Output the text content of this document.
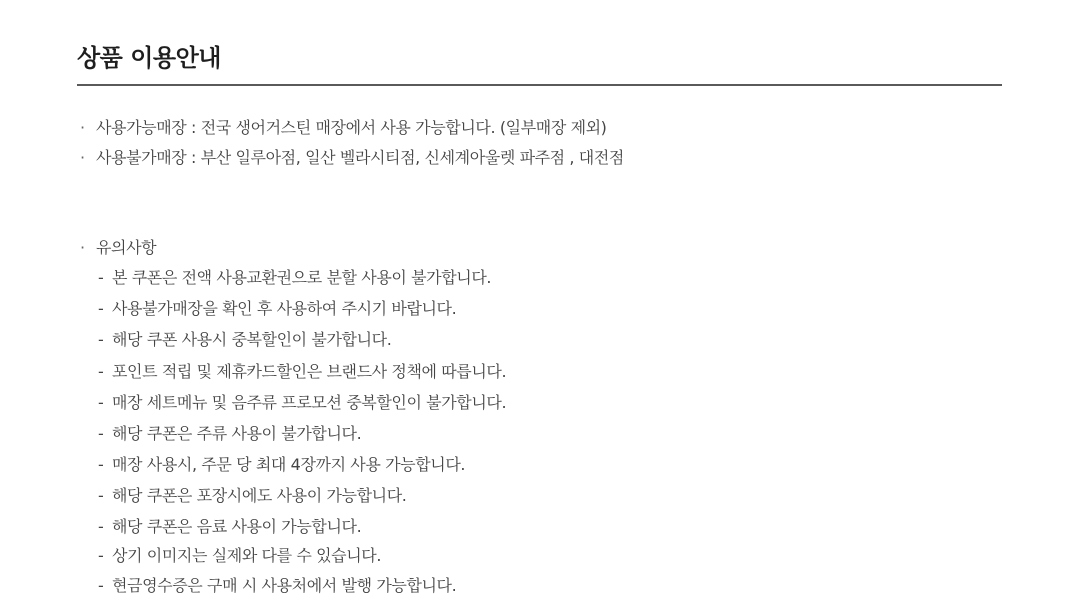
상품 이용안내
· 사용가능매장 : 전국 생어거스틴 매장에서 사용 가능합니다. (일부매장 제외)
· 사용불가매장 : 부산 일루아점, 일산 벨라시티점, 신세계아울렛 파주점 , 대전점
· 유의사항
- 본 쿠폰은 전액 사용교환권으로 분할 사용이 불가합니다.
- 사용불가매장을 확인 후 사용하여 주시기 바랍니다.
- 해당 쿠폰 사용시 중복할인이 불가합니다.
- 포인트 적립 및 제휴카드할인은 브랜드사 정책에 따릅니다.
- 매장 세트메뉴 및 음주류 프로모션 중복할인이 불가합니다.
- 해당 쿠폰은 주류 사용이 불가합니다.
- 매장 사용시, 주문 당 최대 4장까지 사용 가능합니다.
- 해당 쿠폰은 포장시에도 사용이 가능합니다.
- 해당 쿠폰은 음료 사용이 가능합니다.
- 상기 이미지는 실제와 다를 수 있습니다.
- 현금영수증은 구매 시 사용처에서 발행 가능합니다.
